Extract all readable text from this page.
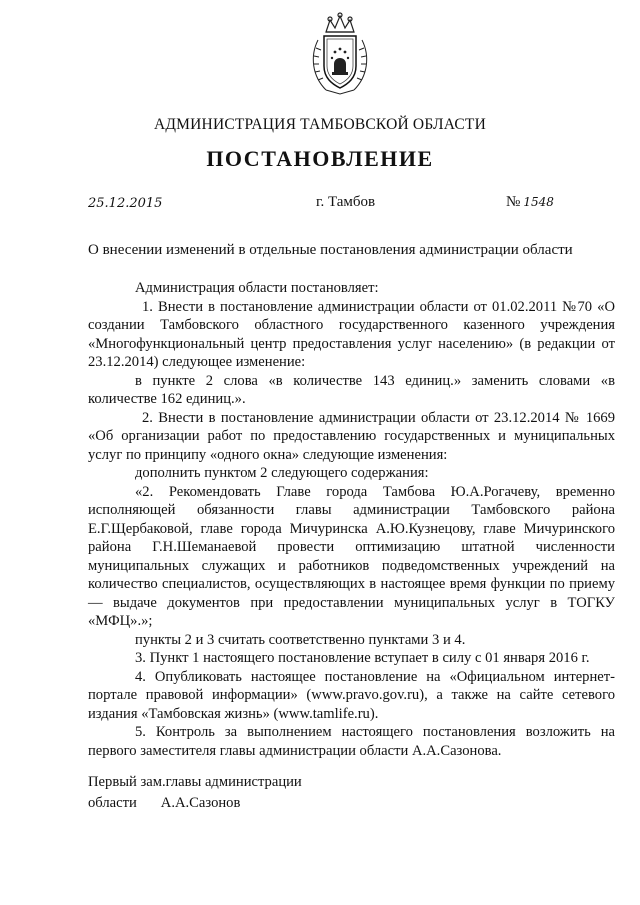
АДМИНИСТРАЦИЯ ТАМБОВСКОЙ ОБЛАСТИ
ПОСТАНОВЛЕНИЕ
25.12.2015	г. Тамбов	№ 1548
О внесении изменений в отдельные постановления администрации области

Администрация области постановляет:

1. Внести в постановление администрации области от 01.02.2011 №70 «О создании Тамбовского областного государственного казенного учреждения «Многофункциональный центр предоставления услуг населению» (в редакции от 23.12.2014) следующее изменение:

в пункте 2 слова «в количестве 143 единиц.» заменить словами «в количестве 162 единиц.».

2. Внести в постановление администрации области от 23.12.2014 № 1669 «Об организации работ по предоставлению государственных и муниципальных услуг по принципу «одного окна» следующие изменения:

дополнить пунктом 2 следующего содержания:

«2. Рекомендовать Главе города Тамбова Ю.А.Рогачеву, временно исполняющей обязанности главы администрации Тамбовского района Е.Г.Щербаковой, главе города Мичуринска А.Ю.Кузнецову, главе Мичуринского района Г.Н.Шеманаевой провести оптимизацию штатной численности муниципальных служащих и работников подведомственных учреждений на количество специалистов, осуществляющих в настоящее время функции по приему — выдаче документов при предоставлении муниципальных услуг в ТОГКУ «МФЦ».»;

пункты 2 и 3 считать соответственно пунктами 3 и 4.

3. Пункт 1 настоящего постановление вступает в силу с 01 января 2016 г.

4. Опубликовать настоящее постановление на «Официальном интернет-портале правовой информации» (www.pravo.gov.ru), а также на сайте сетевого издания «Тамбовская жизнь» (www.tamlife.ru).

5. Контроль за выполнением настоящего постановления возложить на первого заместителя главы администрации области А.А.Сазонова.

Первый зам.главы администрации
области А.А.Сазонов
